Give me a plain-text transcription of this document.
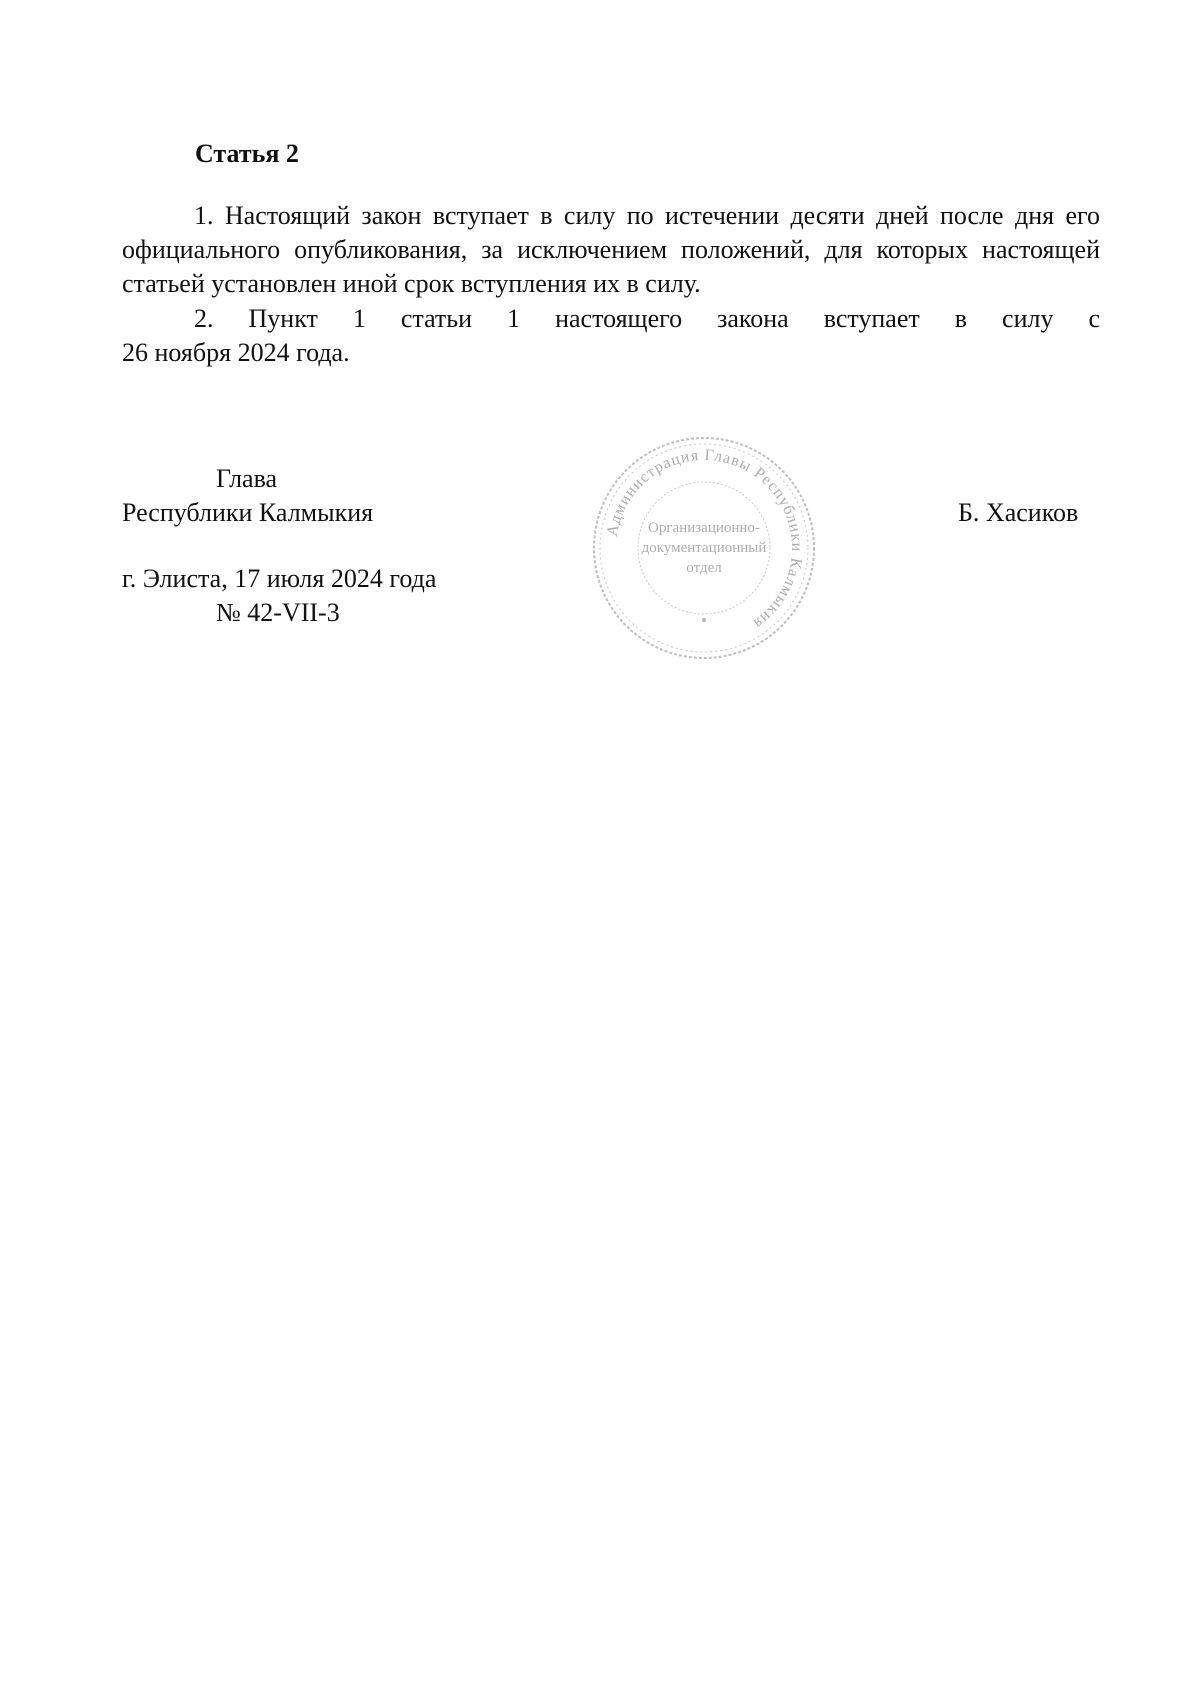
Статья 2
1. Настоящий закон вступает в силу по истечении десяти дней после дня его официального опубликования, за исключением положений, для которых настоящей статьей установлен иной срок вступления их в силу.
2. Пункт 1 статьи 1 настоящего закона вступает в силу с
26 ноября 2024 года.
Глава
Республики Калмыкия	Б. Хасиков
г. Элиста, 17 июля 2024 года
№ 42-VII-3
Администрация Главы Республики Калмыкия
Организационно-
документационный
отдел
